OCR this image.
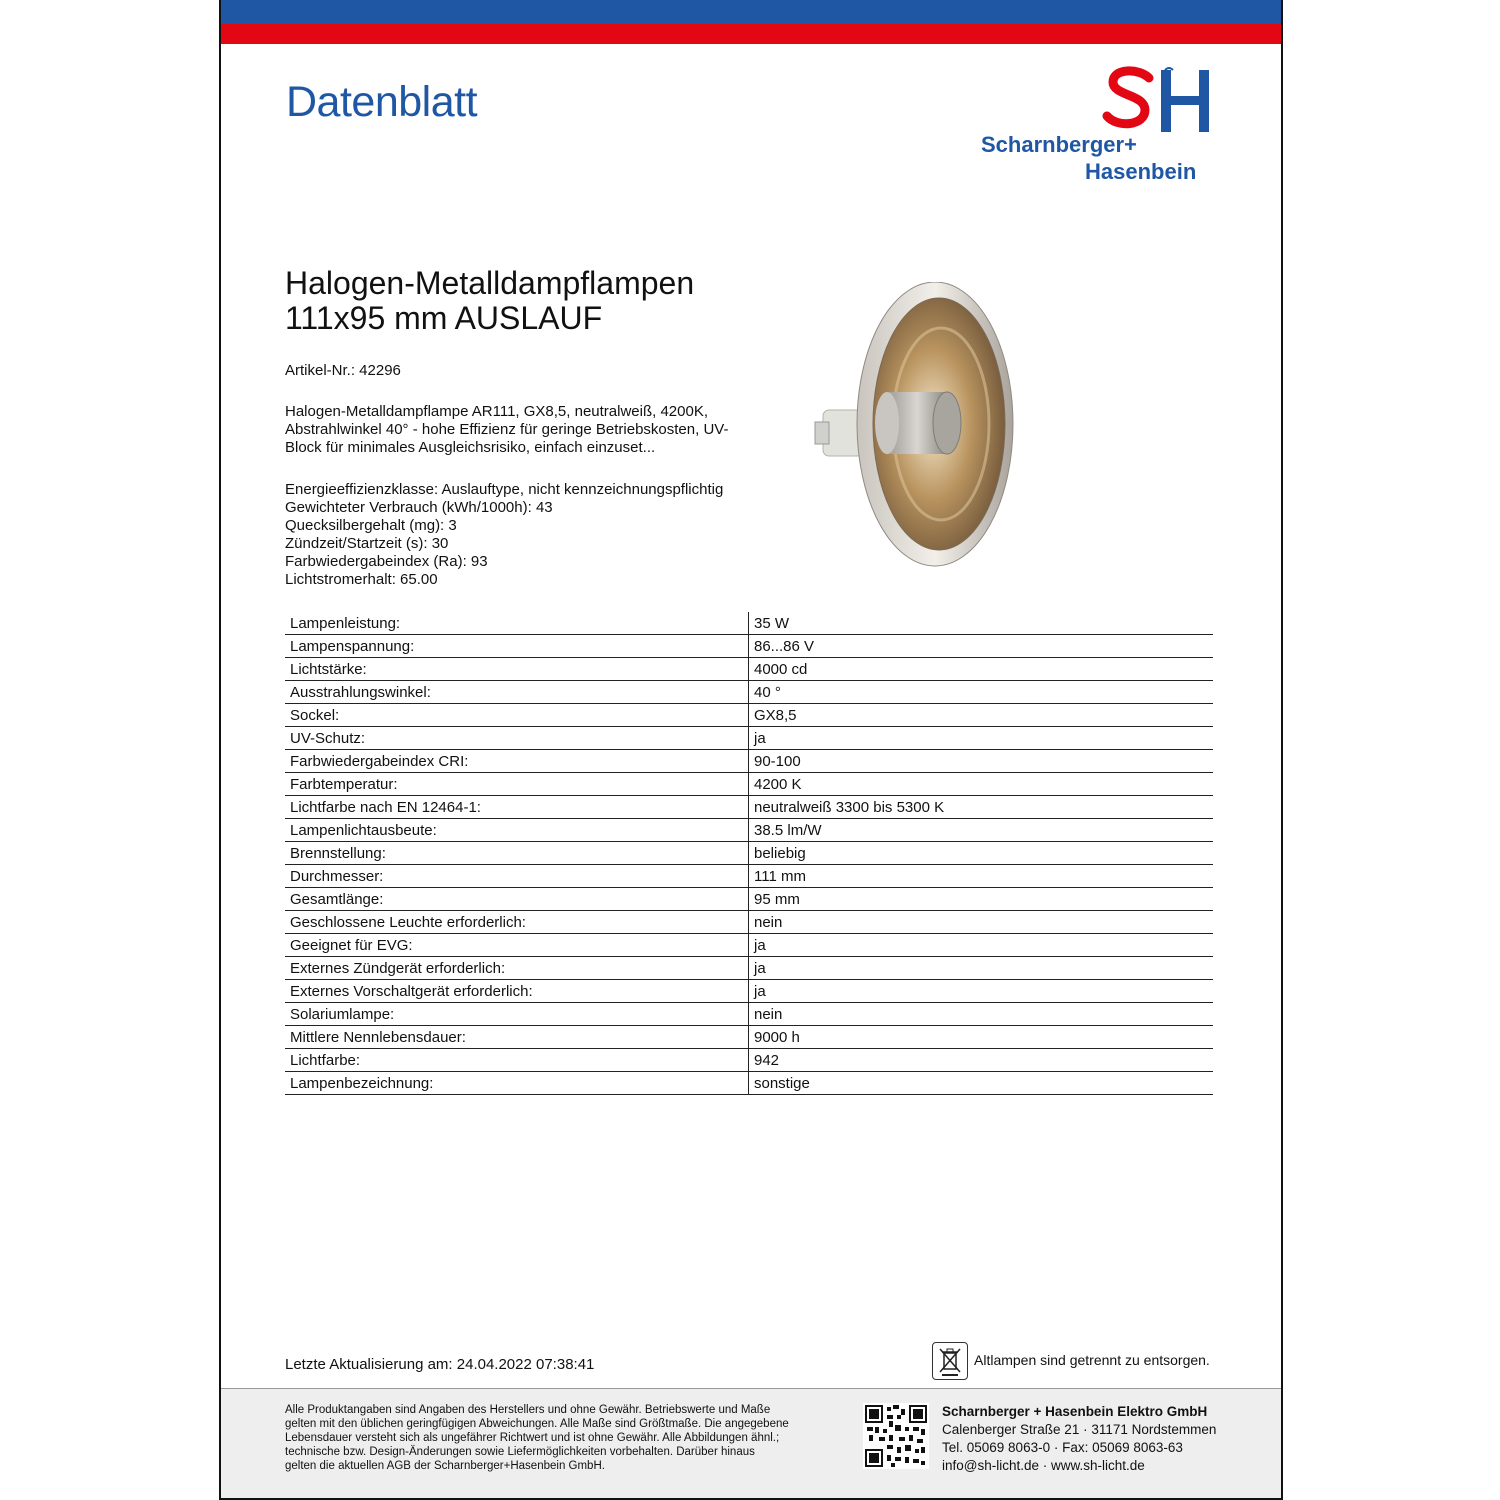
Datenblatt
Scharnberger+
Hasenbein
Halogen-Metalldampflampen
111x95 mm AUSLAUF
Artikel-Nr.: 42296
Halogen-Metalldampflampe AR111, GX8,5, neutralweiß, 4200K,
Abstrahlwinkel 40° - hohe Effizienz für geringe Betriebskosten, UV-
Block für minimales Ausgleichsrisiko, einfach einzuset...
Energieeffizienzklasse: Auslauftype, nicht kennzeichnungspflichtig
Gewichteter Verbrauch (kWh/1000h): 43
Quecksilbergehalt (mg): 3
Zündzeit/Startzeit (s): 30
Farbwiedergabeindex (Ra): 93
Lichtstromerhalt: 65.00
Lampenleistung:	35 W
Lampenspannung:	86...86 V
Lichtstärke:	4000 cd
Ausstrahlungswinkel:	40 °
Sockel:	GX8,5
UV-Schutz:	ja
Farbwiedergabeindex CRI:	90-100
Farbtemperatur:	4200 K
Lichtfarbe nach EN 12464-1:	neutralweiß 3300 bis 5300 K
Lampenlichtausbeute:	38.5 lm/W
Brennstellung:	beliebig
Durchmesser:	111 mm
Gesamtlänge:	95 mm
Geschlossene Leuchte erforderlich:	nein
Geeignet für EVG:	ja
Externes Zündgerät erforderlich:	ja
Externes Vorschaltgerät erforderlich:	ja
Solariumlampe:	nein
Mittlere Nennlebensdauer:	9000 h
Lichtfarbe:	942
Lampenbezeichnung:	sonstige
Letzte Aktualisierung am: 24.04.2022 07:38:41	Altlampen sind getrennt zu entsorgen.
Alle Produktangaben sind Angaben des Herstellers und ohne Gewähr. Betriebswerte und Maße
gelten mit den üblichen geringfügigen Abweichungen. Alle Maße sind Größtmaße. Die angegebene
Lebensdauer versteht sich als ungefährer Richtwert und ist ohne Gewähr. Alle Abbildungen ähnl.;
technische bzw. Design-Änderungen sowie Liefermöglichkeiten vorbehalten. Darüber hinaus
gelten die aktuellen AGB der Scharnberger+Hasenbein GmbH.
Scharnberger + Hasenbein Elektro GmbH
Calenberger Straße 21 · 31171 Nordstemmen
Tel. 05069 8063-0 · Fax: 05069 8063-63
info@sh-licht.de · www.sh-licht.de
